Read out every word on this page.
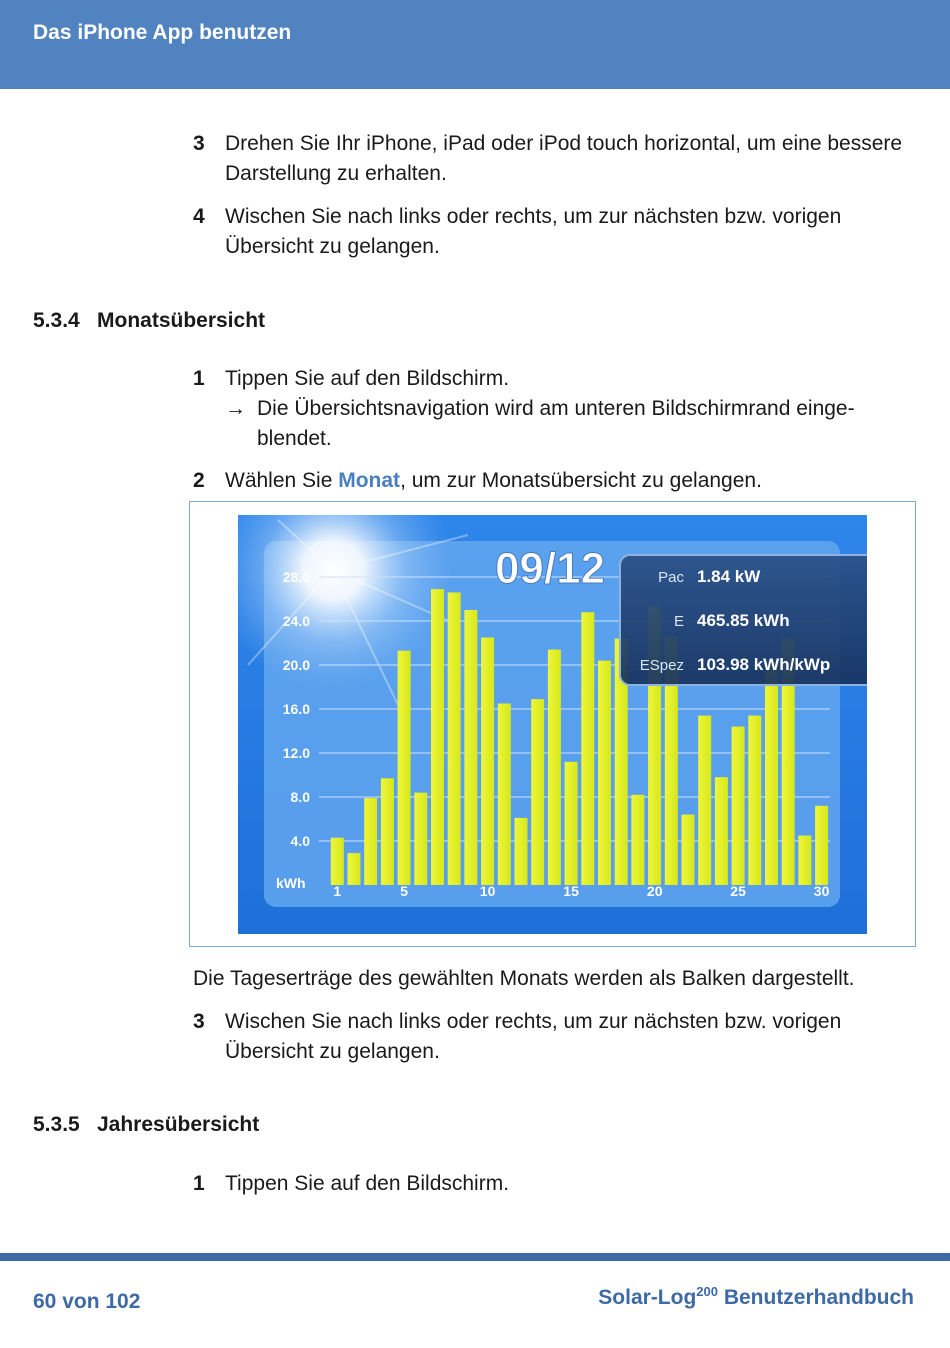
Das iPhone App benutzen
3 Drehen Sie Ihr iPhone, iPad oder iPod touch horizontal, um eine bessere Darstellung zu erhalten.
4 Wischen Sie nach links oder rechts, um zur nächsten bzw. vorigen Übersicht zu gelangen.
5.3.4 Monatsübersicht
1 Tippen Sie auf den Bildschirm.
→ Die Übersichtsnavigation wird am unteren Bildschirmrand einge-blendet.
2 Wählen Sie Monat, um zur Monatsübersicht zu gelangen.
28.0
24.0
20.0
16.0
12.0
8.0
4.0
1	5	10	15	20	25	30
kWh
09/12	Pac 1.84 kW
E 465.85 kWh
ESpez 103.98 kWh/kWp
Die Tageserträge des gewählten Monats werden als Balken dargestellt.
3 Wischen Sie nach links oder rechts, um zur nächsten bzw. vorigen Übersicht zu gelangen.
5.3.5 Jahresübersicht
1 Tippen Sie auf den Bildschirm.
60 von 102	Solar-Log$^{200}$ Benutzerhandbuch
